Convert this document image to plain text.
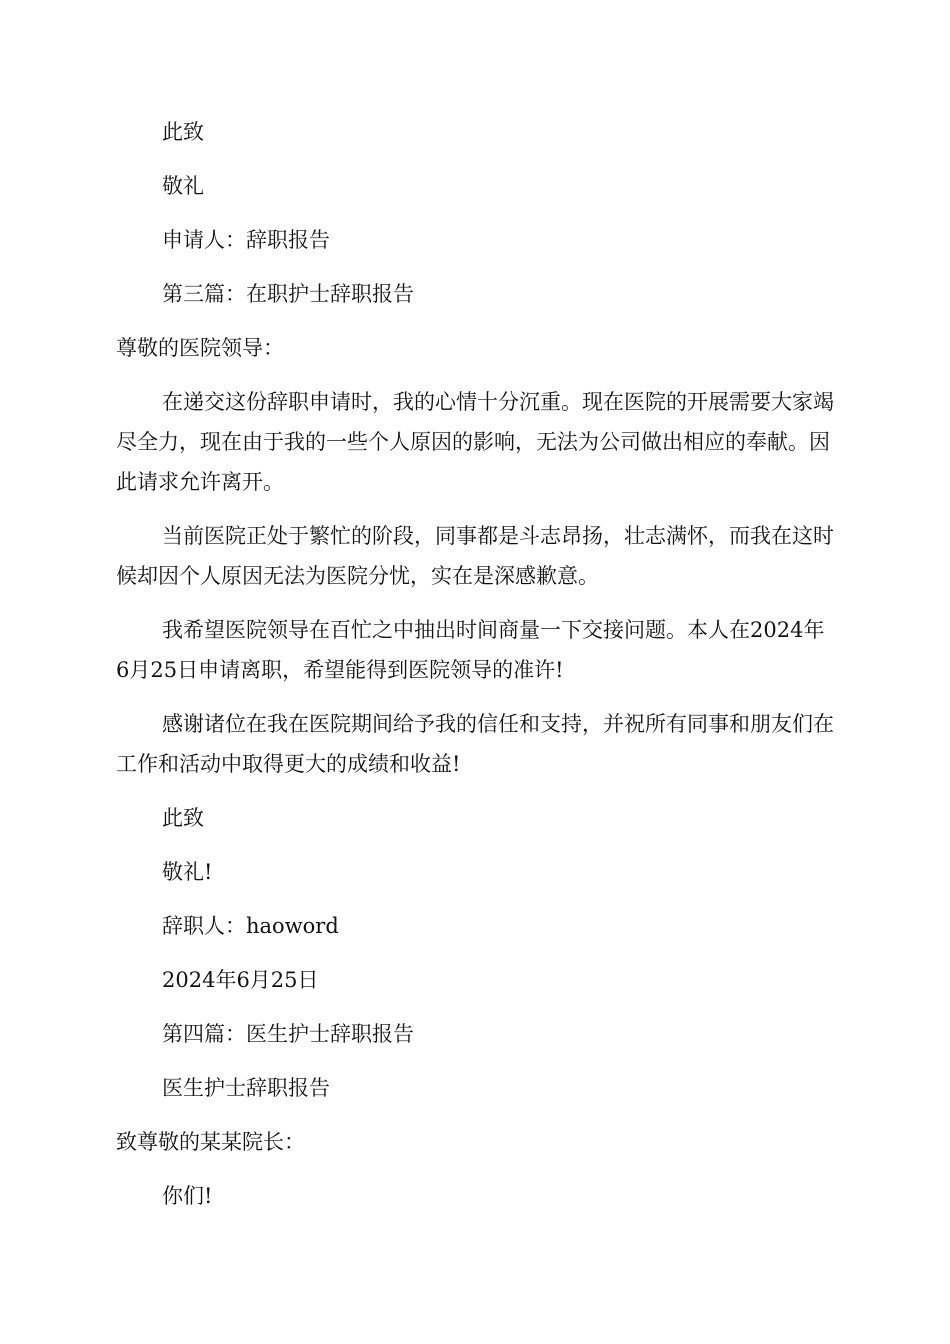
此致

敬礼

申请人：辞职报告

第三篇：在职护士辞职报告

尊敬的医院领导：

在递交这份辞职申请时，我的心情十分沉重。现在医院的开展需要大家竭尽全力，现在由于我的一些个人原因的影响，无法为公司做出相应的奉献。因此请求允许离开。

当前医院正处于繁忙的阶段，同事都是斗志昂扬，壮志满怀，而我在这时候却因个人原因无法为医院分忧，实在是深感歉意。

我希望医院领导在百忙之中抽出时间商量一下交接问题。本人在2024年6月25日申请离职，希望能得到医院领导的准许!

感谢诸位在我在医院期间给予我的信任和支持，并祝所有同事和朋友们在工作和活动中取得更大的成绩和收益!

此致

敬礼!

辞职人：haoword

2024年6月25日

第四篇：医生护士辞职报告

医生护士辞职报告

致尊敬的某某院长：

你们!
